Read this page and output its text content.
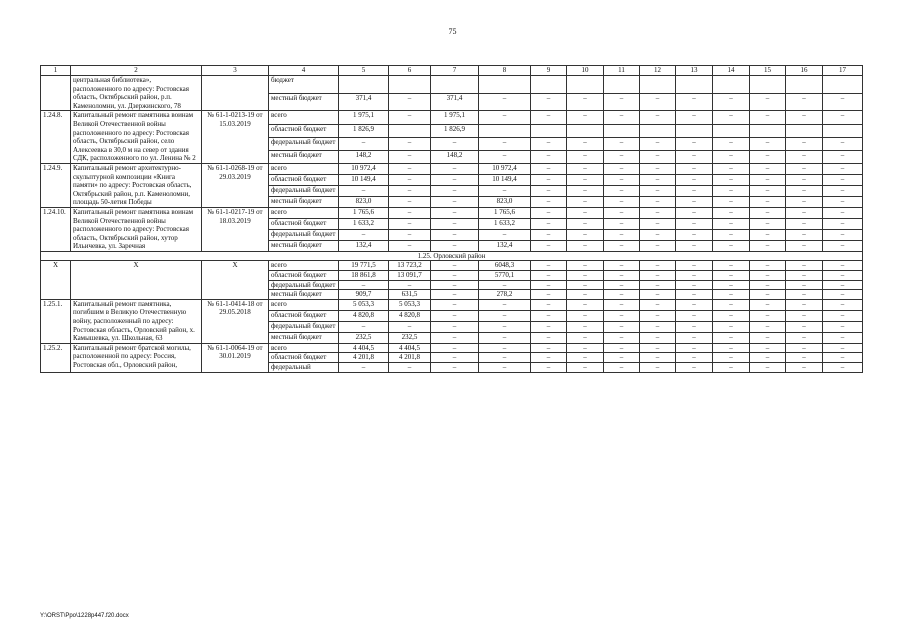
75
1	2	3	4	5	6	7	8	9	10	11	12	13	14	15	16	17
	центральная библиотека», расположенного по адресу: Ростовская область, Октябрьский район, р.п. Каменоломни, ул. Дзержинского, 78		бюджет													
			местный бюджет	371,4	–	371,4	–	–	–	–	–	–	–	–	–	–
1.24.8.	Капитальный ремонт памятника воинам Великой Отечественной войны расположенного по адресу: Ростовская область, Октябрьский район, село Алексеевка в 30,0 м на север от здания СДК, расположенного по ул. Ленина № 2	№ 61-1-0213-19 от 15.03.2019	всего	1 975,1	–	1 975,1	–	–	–	–	–	–	–	–	–	–
			областной бюджет	1 826,9		1 826,9										
			федеральный бюджет	–	–	–	–	–	–	–	–	–	–	–	–	–
			местный бюджет	148,2	–	148,2	–	–	–	–	–	–	–	–	–	–
1.24.9.	Капитальный ремонт архитектурно-скульптурной композиции «Книга памяти» по адресу: Ростовская область, Октябрьский район, р.п. Каменоломни, площадь 50-летия Победы	№ 61-1-0268-19 от 29.03.2019	всего	10 972,4	–	–	10 972,4	–	–	–	–	–	–	–	–	–
			областной бюджет	10 149,4	–	–	10 149,4	–	–	–	–	–	–	–	–	–
			федеральный бюджет	–	–	–	–	–	–	–	–	–	–	–	–	–
			местный бюджет	823,0	–	–	823,0	–	–	–	–	–	–	–	–	–
1.24.10.	Капитальный ремонт памятника воинам Великой Отечественной войны расположенного по адресу: Ростовская область, Октябрьский район, хутор Ильичевка, ул. Заречная	№ 61-1-0217-19 от 18.03.2019	всего	1 765,6	–	–	1 765,6	–	–	–	–	–	–	–	–	–
			областной бюджет	1 633,2	–	–	1 633,2	–	–	–	–	–	–	–	–	–
			федеральный бюджет	–	–	–	–	–	–	–	–	–	–	–	–	–
			местный бюджет	132,4	–	–	132,4	–	–	–	–	–	–	–	–	–
1.25. Орловский район																
Х	Х	Х	всего	19 771,5	13 723,2	–	6048,3	–	–	–	–	–	–	–	–	–
			областной бюджет	18 861,8	13 091,7	–	5770,1	–	–	–	–	–	–	–	–	–
			федеральный бюджет	–	–	–	–	–	–	–	–	–	–	–	–	–
			местный бюджет	909,7	631,5	–	278,2	–	–	–	–	–	–	–	–	–
1.25.1.	Капитальный ремонт памятника, погибшим в Великую Отечественную войну, расположенный по адресу: Ростовская область, Орловский район, х. Камышевка, ул. Школьная, 63	№ 61-1-0414-18 от 29.05.2018	всего	5 053,3	5 053,3	–	–	–	–	–	–	–	–	–	–	–
			областной бюджет	4 820,8	4 820,8	–	–	–	–	–	–	–	–	–	–	–
			федеральный бюджет	–	–	–	–	–	–	–	–	–	–	–	–	–
			местный бюджет	232,5	232,5	–	–	–	–	–	–	–	–	–	–	–
1.25.2.	Капитальный ремонт братской могилы, расположенной по адресу: Россия, Ростовская обл., Орловский район,	№ 61-1-0064-19 от 30.01.2019	всего	4 404,5	4 404,5	–	–	–	–	–	–	–	–	–	–	–
			областной бюджет	4 201,8	4 201,8	–	–	–	–	–	–	–	–	–	–	–
			федеральный	–	–	–	–	–	–	–	–	–	–	–	–	–
Y:\ORST\Ppo\1228p447.f20.docx
